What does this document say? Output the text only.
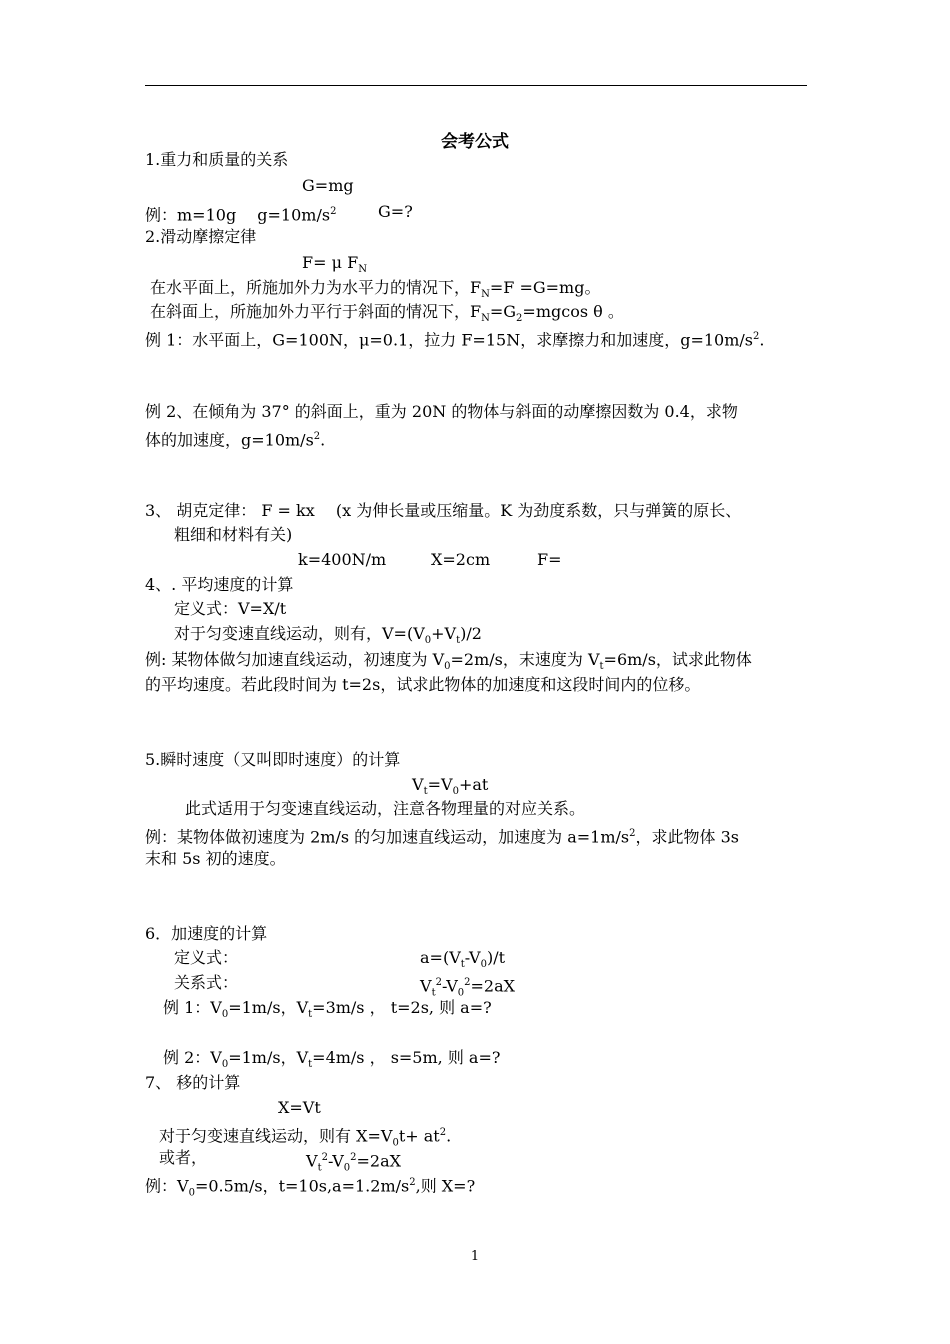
会考公式
1.重力和质量的关系
G=mg
例：m=10g　 $g=10m/s^2$	G=?
2.滑动摩擦定律
F= μ $F_N$
在水平面上，所施加外力为水平力的情况下，$F_N=F =G=mg$。
在斜面上，所施加外力平行于斜面的情况下，$F_N=G_2=mgcos$ θ 。
例 1：水平面上，G=100N，μ=0.1，拉力 F=15N，求摩擦力和加速度，$g=10m/s^2$.
例 2、在倾角为 37° 的斜面上，重为 20N 的物体与斜面的动摩擦因数为 0.4，求物
体的加速度，$g=10m/s^2$.
3、 胡克定律： F = kx　 (x 为伸长量或压缩量。K 为劲度系数，只与弹簧的原长、
粗细和材料有关)
k=400N/m	X=2cm	F=
4、. 平均速度的计算
定义式：V=X/t
对于匀变速直线运动，则有，$V=(V_0+V_t)/2$
例: 某物体做匀加速直线运动，初速度为 $V_0=2m/s$，末速度为 $V_t=6m/s$，试求此物体
的平均速度。若此段时间为 t=2s，试求此物体的加速度和这段时间内的位移。
5.瞬时速度（又叫即时速度）的计算
$V_t=V_0+at$
此式适用于匀变速直线运动，注意各物理量的对应关系。
例：某物体做初速度为 2m/s 的匀加速直线运动，加速度为 $a=1m/s^2$，求此物体 3s
末和 5s 初的速度。
6．加速度的计算
定义式：	$a=(V_t-V_0)/t$
关系式：	$V_t^2-V_0^2=2aX$
例 1：$V_0=1m/s$，$V_t=3m/s$ ， t=2s, 则 a=?
例 2：$V_0=1m/s$，$V_t=4m/s$ ， s=5m, 则 a=?
7、 移的计算
X=Vt
对于匀变速直线运动，则有 $X=V_0t+ at^2$.
或者，	$V_t^2-V_0^2=2aX$
例：$V_0=0.5m/s$，$t=10s,a=1.2m/s^2$,则 X=?
1
